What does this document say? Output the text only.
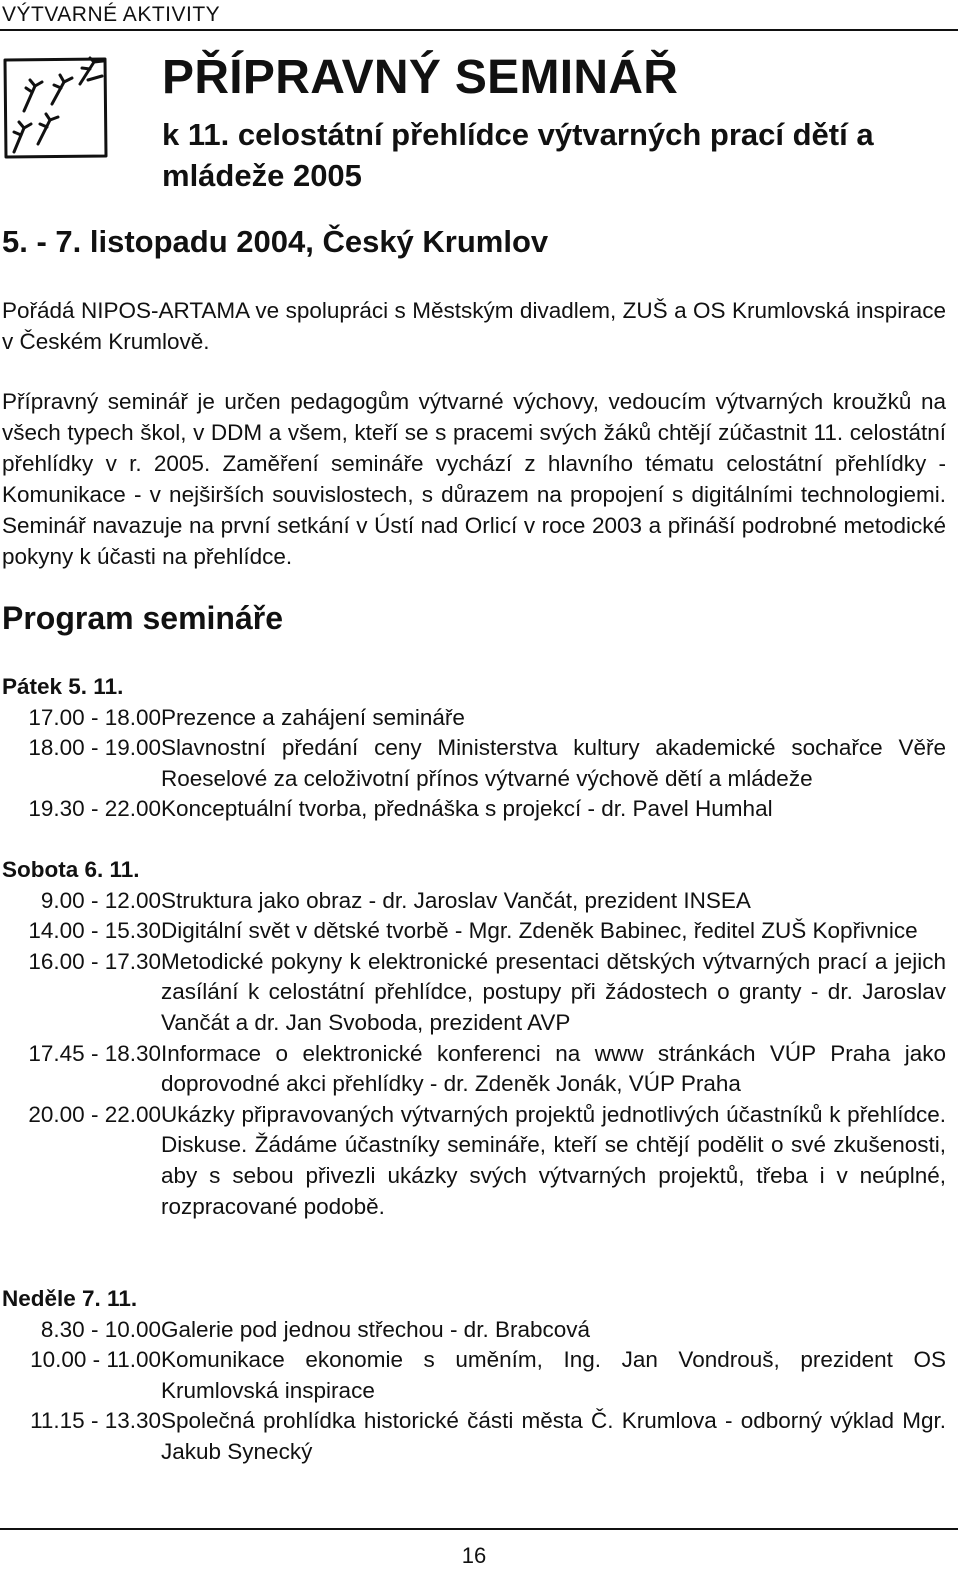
VÝTVARNÉ AKTIVITY
PŘÍPRAVNÝ SEMINÁŘ
k 11. celostátní přehlídce výtvarných prací dětí a mládeže 2005
5. - 7. listopadu 2004, Český Krumlov
Pořádá NIPOS-ARTAMA ve spolupráci s Městským divadlem, ZUŠ a OS Krumlovská inspirace v Českém Krumlově.
Přípravný seminář je určen pedagogům výtvarné výchovy, vedoucím výtvarných kroužků na všech typech škol, v DDM a všem, kteří se s pracemi svých žáků chtějí zúčastnit 11. celostátní přehlídky v r. 2005. Zaměření semináře vychází z hlavního tématu celostátní přehlídky - Komunikace - v nejširších souvislostech, s důrazem na propojení s digitálními technologiemi. Seminář navazuje na první setkání v Ústí nad Orlicí v roce 2003 a přináší podrobné metodické pokyny k účasti na přehlídce.
Program semináře
Pátek 5. 11.
17.00 - 18.00 Prezence a zahájení semináře
18.00 - 19.00 Slavnostní předání ceny Ministerstva kultury akademické sochařce Věře Roeselové za celoživotní přínos výtvarné výchově dětí a mládeže
19.30 - 22.00 Konceptuální tvorba, přednáška s projekcí - dr. Pavel Humhal
Sobota 6. 11.
9.00 - 12.00 Struktura jako obraz - dr. Jaroslav Vančát, prezident INSEA
14.00 - 15.30 Digitální svět v dětské tvorbě - Mgr. Zdeněk Babinec, ředitel ZUŠ Kopřivnice
16.00 - 17.30 Metodické pokyny k elektronické presentaci dětských výtvarných prací a jejich zasílání k celostátní přehlídce, postupy při žádostech o granty - dr. Jaroslav Vančát a dr. Jan Svoboda, prezident AVP
17.45 - 18.30 Informace o elektronické konferenci na www stránkách VÚP Praha jako doprovodné akci přehlídky - dr. Zdeněk Jonák, VÚP Praha
20.00 - 22.00 Ukázky připravovaných výtvarných projektů jednotlivých účastníků k přehlídce. Diskuse. Žádáme účastníky semináře, kteří se chtějí podělit o své zkušenosti, aby s sebou přivezli ukázky svých výtvarných projektů, třeba i v neúplné, rozpracované podobě.
Neděle 7. 11.
8.30 - 10.00 Galerie pod jednou střechou - dr. Brabcová
10.00 - 11.00 Komunikace ekonomie s uměním, Ing. Jan Vondrouš, prezident OS Krumlovská inspirace
11.15 - 13.30 Společná prohlídka historické části města Č. Krumlova - odborný výklad Mgr. Jakub Synecký
16
